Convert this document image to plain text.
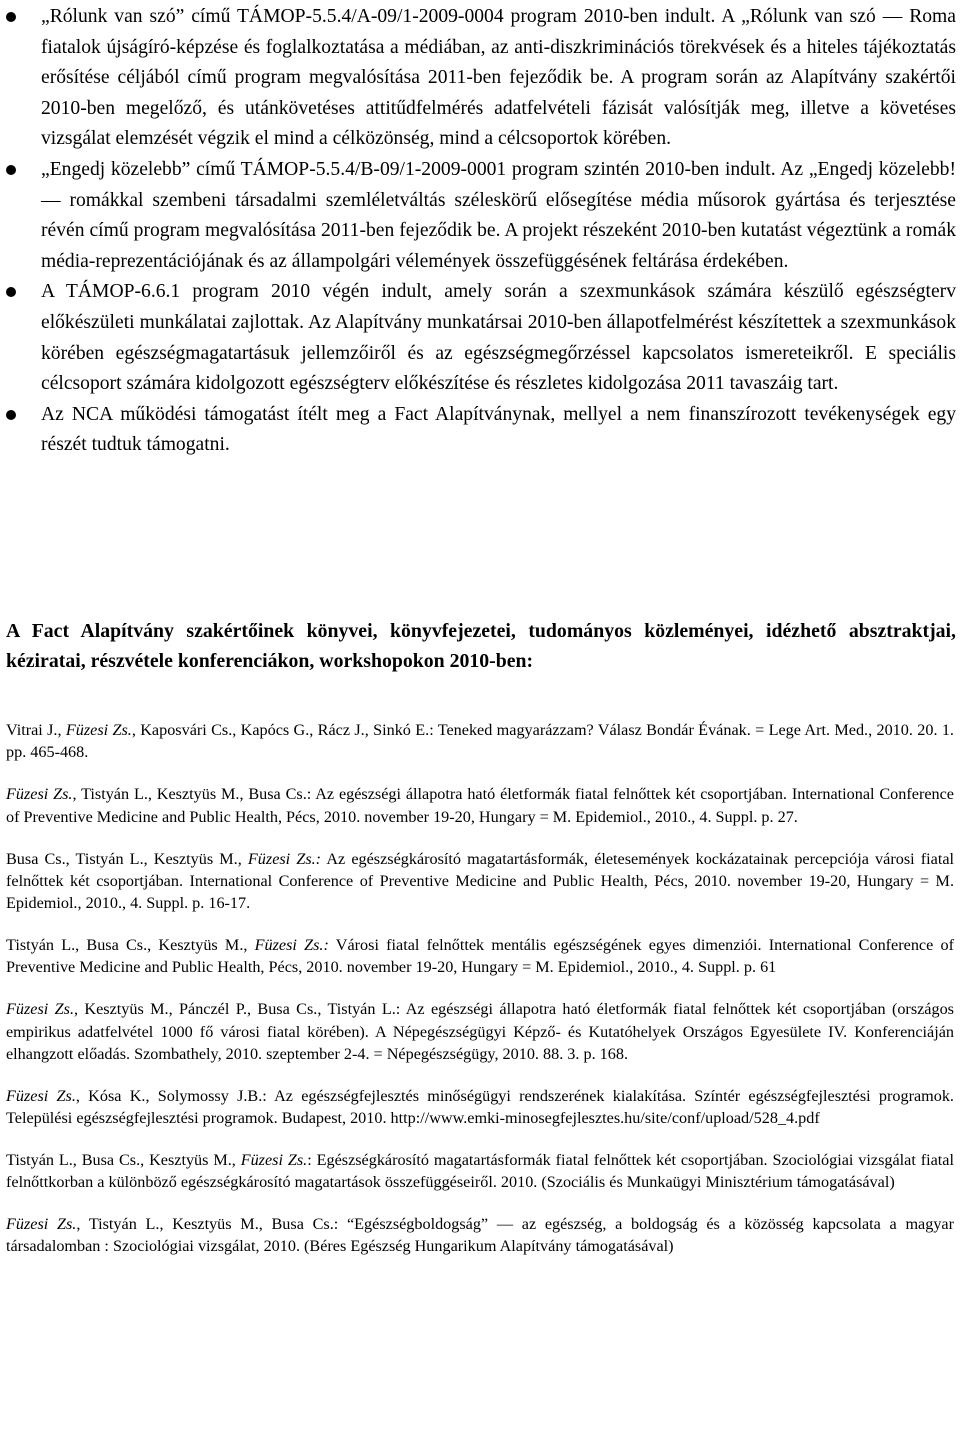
„Rólunk van szó” című TÁMOP-5.5.4/A-09/1-2009-0004 program 2010-ben indult. A „Rólunk van szó ― Roma fiatalok újságíró-képzése és foglalkoztatása a médiában, az anti-diszkriminációs törekvések és a hiteles tájékoztatás erősítése céljából című program megvalósítása 2011-ben fejeződik be. A program során az Alapítvány szakértői 2010-ben megelőző, és utánkövetéses attitűdfelmérés adatfelvételi fázisát valósítják meg, illetve a követéses vizsgálat elemzését végzik el mind a célközönség, mind a célcsoportok körében.
„Engedj közelebb” című TÁMOP-5.5.4/B-09/1-2009-0001 program szintén 2010-ben indult. Az „Engedj közelebb! ― romákkal szembeni társadalmi szemléletváltás széleskörű elősegítése média műsorok gyártása és terjesztése révén című program megvalósítása 2011-ben fejeződik be. A projekt részeként 2010-ben kutatást végeztünk a romák média-reprezentációjának és az állampolgári vélemények összefüggésének feltárása érdekében.
A TÁMOP-6.6.1 program 2010 végén indult, amely során a szexmunkások számára készülő egészségterv előkészületi munkálatai zajlottak. Az Alapítvány munkatársai 2010-ben állapotfelmérést készítettek a szexmunkások körében egészségmagatartásuk jellemzőiről és az egészségmegőrzéssel kapcsolatos ismereteikről. E speciális célcsoport számára kidolgozott egészségterv előkészítése és részletes kidolgozása 2011 tavaszáig tart.
Az NCA működési támogatást ítélt meg a Fact Alapítványnak, mellyel a nem finanszírozott tevékenységek egy részét tudtuk támogatni.
A Fact Alapítvány szakértőinek könyvei, könyvfejezetei, tudományos közleményei, idézhető absztraktjai, kéziratai, részvétele konferenciákon, workshopokon 2010-ben:

Vitrai J., Füzesi Zs., Kaposvári Cs., Kapócs G., Rácz J., Sinkó E.: Teneked magyarázzam? Válasz Bondár Évának. = Lege Art. Med., 2010. 20. 1. pp. 465-468.

Füzesi Zs., Tistyán L., Kesztyüs M., Busa Cs.: Az egészségi állapotra ható életformák fiatal felnőttek két csoportjában. International Conference of Preventive Medicine and Public Health, Pécs, 2010. november 19-20, Hungary = M. Epidemiol., 2010., 4. Suppl. p. 27.

Busa Cs., Tistyán L., Kesztyüs M., Füzesi Zs.: Az egészségkárosító magatartásformák, életesemények kockázatainak percepciója városi fiatal felnőttek két csoportjában. International Conference of Preventive Medicine and Public Health, Pécs, 2010. november 19-20, Hungary = M. Epidemiol., 2010., 4. Suppl. p. 16-17.

Tistyán L., Busa Cs., Kesztyüs M., Füzesi Zs.: Városi fiatal felnőttek mentális egészségének egyes dimenziói. International Conference of Preventive Medicine and Public Health, Pécs, 2010. november 19-20, Hungary = M. Epidemiol., 2010., 4. Suppl. p. 61

Füzesi Zs., Kesztyüs M., Pánczél P., Busa Cs., Tistyán L.: Az egészségi állapotra ható életformák fiatal felnőttek két csoportjában (országos empirikus adatfelvétel 1000 fő városi fiatal körében). A Népegészségügyi Képző- és Kutatóhelyek Országos Egyesülete IV. Konferenciáján elhangzott előadás. Szombathely, 2010. szeptember 2-4. = Népegészségügy, 2010. 88. 3. p. 168.

Füzesi Zs., Kósa K., Solymossy J.B.: Az egészségfejlesztés minőségügyi rendszerének kialakítása. Színtér egészségfejlesztési programok. Települési egészségfejlesztési programok. Budapest, 2010. http://www.emki-minosegfejlesztes.hu/site/conf/upload/528_4.pdf

Tistyán L., Busa Cs., Kesztyüs M., Füzesi Zs.: Egészségkárosító magatartásformák fiatal felnőttek két csoportjában. Szociológiai vizsgálat fiatal felnőttkorban a különböző egészségkárosító magatartások összefüggéseiről. 2010. (Szociális és Munkaügyi Minisztérium támogatásával)

Füzesi Zs., Tistyán L., Kesztyüs M., Busa Cs.: “Egészségboldogság” ― az egészség, a boldogság és a közösség kapcsolata a magyar társadalomban : Szociológiai vizsgálat, 2010. (Béres Egészség Hungarikum Alapítvány támogatásával)
